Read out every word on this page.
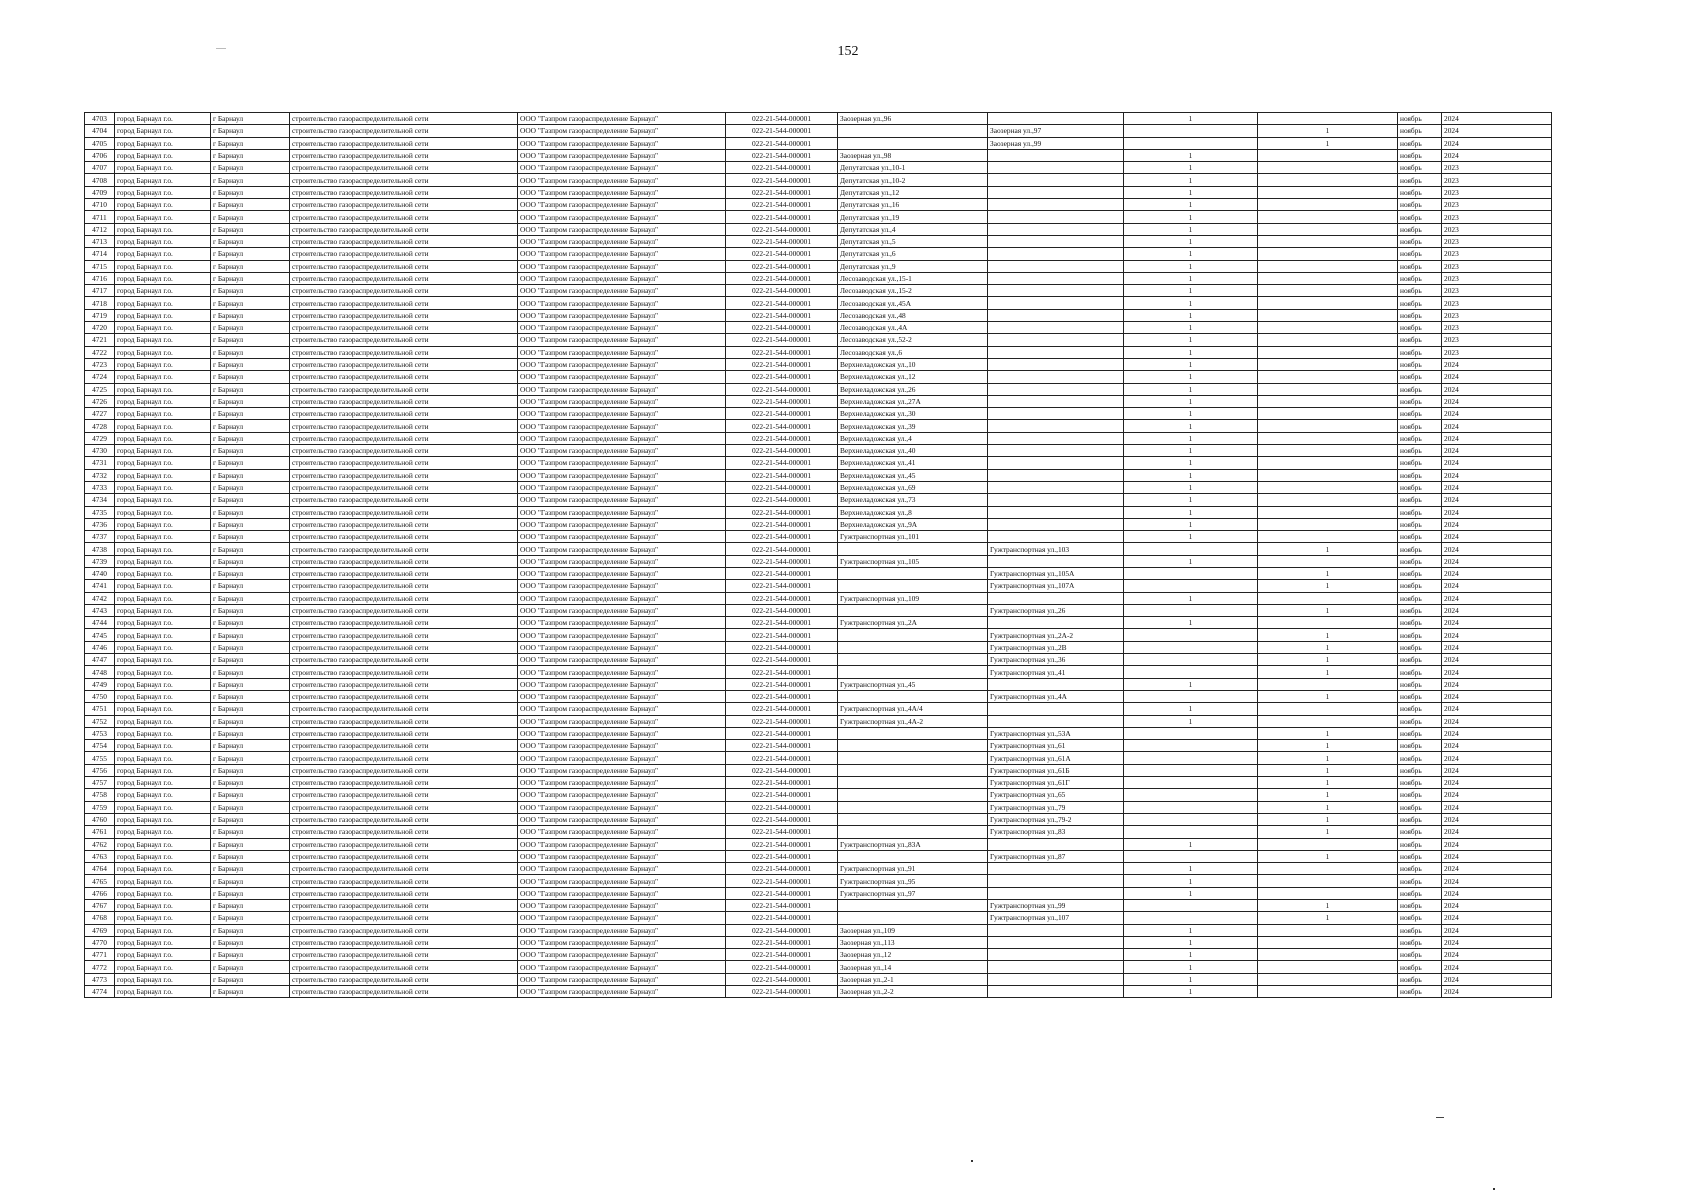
152
4703	город Барнаул г.о.	г Барнаул	строительство газораспределительной сети	ООО "Газпром газораспределение Барнаул"	022-21-544-000001	Заозерная ул.,96		1		ноябрь	2024
4704	город Барнаул г.о.	г Барнаул	строительство газораспределительной сети	ООО "Газпром газораспределение Барнаул"	022-21-544-000001		Заозерная ул.,97		1	ноябрь	2024
4705	город Барнаул г.о.	г Барнаул	строительство газораспределительной сети	ООО "Газпром газораспределение Барнаул"	022-21-544-000001		Заозерная ул.,99		1	ноябрь	2024
4706	город Барнаул г.о.	г Барнаул	строительство газораспределительной сети	ООО "Газпром газораспределение Барнаул"	022-21-544-000001	Заозерная ул.,98		1		ноябрь	2024
4707	город Барнаул г.о.	г Барнаул	строительство газораспределительной сети	ООО "Газпром газораспределение Барнаул"	022-21-544-000001	Депутатская ул.,10-1		1		ноябрь	2023
4708	город Барнаул г.о.	г Барнаул	строительство газораспределительной сети	ООО "Газпром газораспределение Барнаул"	022-21-544-000001	Депутатская ул.,10-2		1		ноябрь	2023
4709	город Барнаул г.о.	г Барнаул	строительство газораспределительной сети	ООО "Газпром газораспределение Барнаул"	022-21-544-000001	Депутатская ул.,12		1		ноябрь	2023
4710	город Барнаул г.о.	г Барнаул	строительство газораспределительной сети	ООО "Газпром газораспределение Барнаул"	022-21-544-000001	Депутатская ул.,16		1		ноябрь	2023
4711	город Барнаул г.о.	г Барнаул	строительство газораспределительной сети	ООО "Газпром газораспределение Барнаул"	022-21-544-000001	Депутатская ул.,19		1		ноябрь	2023
4712	город Барнаул г.о.	г Барнаул	строительство газораспределительной сети	ООО "Газпром газораспределение Барнаул"	022-21-544-000001	Депутатская ул.,4		1		ноябрь	2023
4713	город Барнаул г.о.	г Барнаул	строительство газораспределительной сети	ООО "Газпром газораспределение Барнаул"	022-21-544-000001	Депутатская ул.,5		1		ноябрь	2023
4714	город Барнаул г.о.	г Барнаул	строительство газораспределительной сети	ООО "Газпром газораспределение Барнаул"	022-21-544-000001	Депутатская ул.,6		1		ноябрь	2023
4715	город Барнаул г.о.	г Барнаул	строительство газораспределительной сети	ООО "Газпром газораспределение Барнаул"	022-21-544-000001	Депутатская ул.,9		1		ноябрь	2023
4716	город Барнаул г.о.	г Барнаул	строительство газораспределительной сети	ООО "Газпром газораспределение Барнаул"	022-21-544-000001	Лесозаводская ул.,15-1		1		ноябрь	2023
4717	город Барнаул г.о.	г Барнаул	строительство газораспределительной сети	ООО "Газпром газораспределение Барнаул"	022-21-544-000001	Лесозаводская ул.,15-2		1		ноябрь	2023
4718	город Барнаул г.о.	г Барнаул	строительство газораспределительной сети	ООО "Газпром газораспределение Барнаул"	022-21-544-000001	Лесозаводская ул.,45А		1		ноябрь	2023
4719	город Барнаул г.о.	г Барнаул	строительство газораспределительной сети	ООО "Газпром газораспределение Барнаул"	022-21-544-000001	Лесозаводская ул.,48		1		ноябрь	2023
4720	город Барнаул г.о.	г Барнаул	строительство газораспределительной сети	ООО "Газпром газораспределение Барнаул"	022-21-544-000001	Лесозаводская ул.,4А		1		ноябрь	2023
4721	город Барнаул г.о.	г Барнаул	строительство газораспределительной сети	ООО "Газпром газораспределение Барнаул"	022-21-544-000001	Лесозаводская ул.,52-2		1		ноябрь	2023
4722	город Барнаул г.о.	г Барнаул	строительство газораспределительной сети	ООО "Газпром газораспределение Барнаул"	022-21-544-000001	Лесозаводская ул.,6		1		ноябрь	2023
4723	город Барнаул г.о.	г Барнаул	строительство газораспределительной сети	ООО "Газпром газораспределение Барнаул"	022-21-544-000001	Верхнеладожская ул.,10		1		ноябрь	2024
4724	город Барнаул г.о.	г Барнаул	строительство газораспределительной сети	ООО "Газпром газораспределение Барнаул"	022-21-544-000001	Верхнеладожская ул.,12		1		ноябрь	2024
4725	город Барнаул г.о.	г Барнаул	строительство газораспределительной сети	ООО "Газпром газораспределение Барнаул"	022-21-544-000001	Верхнеладожская ул.,26		1		ноябрь	2024
4726	город Барнаул г.о.	г Барнаул	строительство газораспределительной сети	ООО "Газпром газораспределение Барнаул"	022-21-544-000001	Верхнеладожская ул.,27А		1		ноябрь	2024
4727	город Барнаул г.о.	г Барнаул	строительство газораспределительной сети	ООО "Газпром газораспределение Барнаул"	022-21-544-000001	Верхнеладожская ул.,30		1		ноябрь	2024
4728	город Барнаул г.о.	г Барнаул	строительство газораспределительной сети	ООО "Газпром газораспределение Барнаул"	022-21-544-000001	Верхнеладожская ул.,39		1		ноябрь	2024
4729	город Барнаул г.о.	г Барнаул	строительство газораспределительной сети	ООО "Газпром газораспределение Барнаул"	022-21-544-000001	Верхнеладожская ул.,4		1		ноябрь	2024
4730	город Барнаул г.о.	г Барнаул	строительство газораспределительной сети	ООО "Газпром газораспределение Барнаул"	022-21-544-000001	Верхнеладожская ул.,40		1		ноябрь	2024
4731	город Барнаул г.о.	г Барнаул	строительство газораспределительной сети	ООО "Газпром газораспределение Барнаул"	022-21-544-000001	Верхнеладожская ул.,41		1		ноябрь	2024
4732	город Барнаул г.о.	г Барнаул	строительство газораспределительной сети	ООО "Газпром газораспределение Барнаул"	022-21-544-000001	Верхнеладожская ул.,45		1		ноябрь	2024
4733	город Барнаул г.о.	г Барнаул	строительство газораспределительной сети	ООО "Газпром газораспределение Барнаул"	022-21-544-000001	Верхнеладожская ул.,69		1		ноябрь	2024
4734	город Барнаул г.о.	г Барнаул	строительство газораспределительной сети	ООО "Газпром газораспределение Барнаул"	022-21-544-000001	Верхнеладожская ул.,73		1		ноябрь	2024
4735	город Барнаул г.о.	г Барнаул	строительство газораспределительной сети	ООО "Газпром газораспределение Барнаул"	022-21-544-000001	Верхнеладожская ул.,8		1		ноябрь	2024
4736	город Барнаул г.о.	г Барнаул	строительство газораспределительной сети	ООО "Газпром газораспределение Барнаул"	022-21-544-000001	Верхнеладожская ул.,9А		1		ноябрь	2024
4737	город Барнаул г.о.	г Барнаул	строительство газораспределительной сети	ООО "Газпром газораспределение Барнаул"	022-21-544-000001	Гужтранспортная ул.,101		1		ноябрь	2024
4738	город Барнаул г.о.	г Барнаул	строительство газораспределительной сети	ООО "Газпром газораспределение Барнаул"	022-21-544-000001		Гужтранспортная ул.,103		1	ноябрь	2024
4739	город Барнаул г.о.	г Барнаул	строительство газораспределительной сети	ООО "Газпром газораспределение Барнаул"	022-21-544-000001	Гужтранспортная ул.,105		1		ноябрь	2024
4740	город Барнаул г.о.	г Барнаул	строительство газораспределительной сети	ООО "Газпром газораспределение Барнаул"	022-21-544-000001		Гужтранспортная ул.,105А		1	ноябрь	2024
4741	город Барнаул г.о.	г Барнаул	строительство газораспределительной сети	ООО "Газпром газораспределение Барнаул"	022-21-544-000001		Гужтранспортная ул.,107А		1	ноябрь	2024
4742	город Барнаул г.о.	г Барнаул	строительство газораспределительной сети	ООО "Газпром газораспределение Барнаул"	022-21-544-000001	Гужтранспортная ул.,109		1		ноябрь	2024
4743	город Барнаул г.о.	г Барнаул	строительство газораспределительной сети	ООО "Газпром газораспределение Барнаул"	022-21-544-000001		Гужтранспортная ул.,26		1	ноябрь	2024
4744	город Барнаул г.о.	г Барнаул	строительство газораспределительной сети	ООО "Газпром газораспределение Барнаул"	022-21-544-000001	Гужтранспортная ул.,2А		1		ноябрь	2024
4745	город Барнаул г.о.	г Барнаул	строительство газораспределительной сети	ООО "Газпром газораспределение Барнаул"	022-21-544-000001		Гужтранспортная ул.,2А-2		1	ноябрь	2024
4746	город Барнаул г.о.	г Барнаул	строительство газораспределительной сети	ООО "Газпром газораспределение Барнаул"	022-21-544-000001		Гужтранспортная ул.,2В		1	ноябрь	2024
4747	город Барнаул г.о.	г Барнаул	строительство газораспределительной сети	ООО "Газпром газораспределение Барнаул"	022-21-544-000001		Гужтранспортная ул.,36		1	ноябрь	2024
4748	город Барнаул г.о.	г Барнаул	строительство газораспределительной сети	ООО "Газпром газораспределение Барнаул"	022-21-544-000001		Гужтранспортная ул.,41		1	ноябрь	2024
4749	город Барнаул г.о.	г Барнаул	строительство газораспределительной сети	ООО "Газпром газораспределение Барнаул"	022-21-544-000001	Гужтранспортная ул.,45		1		ноябрь	2024
4750	город Барнаул г.о.	г Барнаул	строительство газораспределительной сети	ООО "Газпром газораспределение Барнаул"	022-21-544-000001		Гужтранспортная ул.,4А		1	ноябрь	2024
4751	город Барнаул г.о.	г Барнаул	строительство газораспределительной сети	ООО "Газпром газораспределение Барнаул"	022-21-544-000001	Гужтранспортная ул.,4А/4		1		ноябрь	2024
4752	город Барнаул г.о.	г Барнаул	строительство газораспределительной сети	ООО "Газпром газораспределение Барнаул"	022-21-544-000001	Гужтранспортная ул.,4А-2		1		ноябрь	2024
4753	город Барнаул г.о.	г Барнаул	строительство газораспределительной сети	ООО "Газпром газораспределение Барнаул"	022-21-544-000001		Гужтранспортная ул.,53А		1	ноябрь	2024
4754	город Барнаул г.о.	г Барнаул	строительство газораспределительной сети	ООО "Газпром газораспределение Барнаул"	022-21-544-000001		Гужтранспортная ул.,61		1	ноябрь	2024
4755	город Барнаул г.о.	г Барнаул	строительство газораспределительной сети	ООО "Газпром газораспределение Барнаул"	022-21-544-000001		Гужтранспортная ул.,61А		1	ноябрь	2024
4756	город Барнаул г.о.	г Барнаул	строительство газораспределительной сети	ООО "Газпром газораспределение Барнаул"	022-21-544-000001		Гужтранспортная ул.,61Б		1	ноябрь	2024
4757	город Барнаул г.о.	г Барнаул	строительство газораспределительной сети	ООО "Газпром газораспределение Барнаул"	022-21-544-000001		Гужтранспортная ул.,61Г		1	ноябрь	2024
4758	город Барнаул г.о.	г Барнаул	строительство газораспределительной сети	ООО "Газпром газораспределение Барнаул"	022-21-544-000001		Гужтранспортная ул.,65		1	ноябрь	2024
4759	город Барнаул г.о.	г Барнаул	строительство газораспределительной сети	ООО "Газпром газораспределение Барнаул"	022-21-544-000001		Гужтранспортная ул.,79		1	ноябрь	2024
4760	город Барнаул г.о.	г Барнаул	строительство газораспределительной сети	ООО "Газпром газораспределение Барнаул"	022-21-544-000001		Гужтранспортная ул.,79-2		1	ноябрь	2024
4761	город Барнаул г.о.	г Барнаул	строительство газораспределительной сети	ООО "Газпром газораспределение Барнаул"	022-21-544-000001		Гужтранспортная ул.,83		1	ноябрь	2024
4762	город Барнаул г.о.	г Барнаул	строительство газораспределительной сети	ООО "Газпром газораспределение Барнаул"	022-21-544-000001	Гужтранспортная ул.,83А		1		ноябрь	2024
4763	город Барнаул г.о.	г Барнаул	строительство газораспределительной сети	ООО "Газпром газораспределение Барнаул"	022-21-544-000001		Гужтранспортная ул.,87		1	ноябрь	2024
4764	город Барнаул г.о.	г Барнаул	строительство газораспределительной сети	ООО "Газпром газораспределение Барнаул"	022-21-544-000001	Гужтранспортная ул.,91		1		ноябрь	2024
4765	город Барнаул г.о.	г Барнаул	строительство газораспределительной сети	ООО "Газпром газораспределение Барнаул"	022-21-544-000001	Гужтранспортная ул.,95		1		ноябрь	2024
4766	город Барнаул г.о.	г Барнаул	строительство газораспределительной сети	ООО "Газпром газораспределение Барнаул"	022-21-544-000001	Гужтранспортная ул.,97		1		ноябрь	2024
4767	город Барнаул г.о.	г Барнаул	строительство газораспределительной сети	ООО "Газпром газораспределение Барнаул"	022-21-544-000001		Гужтранспортная ул.,99		1	ноябрь	2024
4768	город Барнаул г.о.	г Барнаул	строительство газораспределительной сети	ООО "Газпром газораспределение Барнаул"	022-21-544-000001		Гужтранспортная ул.,107		1	ноябрь	2024
4769	город Барнаул г.о.	г Барнаул	строительство газораспределительной сети	ООО "Газпром газораспределение Барнаул"	022-21-544-000001	Заозерная ул.,109		1		ноябрь	2024
4770	город Барнаул г.о.	г Барнаул	строительство газораспределительной сети	ООО "Газпром газораспределение Барнаул"	022-21-544-000001	Заозерная ул.,113		1		ноябрь	2024
4771	город Барнаул г.о.	г Барнаул	строительство газораспределительной сети	ООО "Газпром газораспределение Барнаул"	022-21-544-000001	Заозерная ул.,12		1		ноябрь	2024
4772	город Барнаул г.о.	г Барнаул	строительство газораспределительной сети	ООО "Газпром газораспределение Барнаул"	022-21-544-000001	Заозерная ул.,14		1		ноябрь	2024
4773	город Барнаул г.о.	г Барнаул	строительство газораспределительной сети	ООО "Газпром газораспределение Барнаул"	022-21-544-000001	Заозерная ул.,2-1		1		ноябрь	2024
4774	город Барнаул г.о.	г Барнаул	строительство газораспределительной сети	ООО "Газпром газораспределение Барнаул"	022-21-544-000001	Заозерная ул.,2-2		1		ноябрь	2024
